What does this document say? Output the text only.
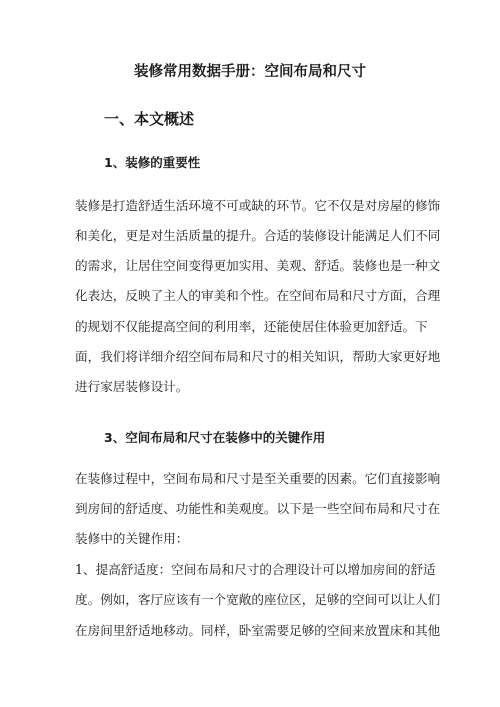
装修常用数据手册：空间布局和尺寸
一、本文概述
1、装修的重要性

装修是打造舒适生活环境不可或缺的环节。它不仅是对房屋的修饰

和美化，更是对生活质量的提升。合适的装修设计能满足人们不同

的需求，让居住空间变得更加实用、美观、舒适。装修也是一种文

化表达，反映了主人的审美和个性。在空间布局和尺寸方面，合理

的规划不仅能提高空间的利用率，还能使居住体验更加舒适。下

面，我们将详细介绍空间布局和尺寸的相关知识，帮助大家更好地

进行家居装修设计。

3、空间布局和尺寸在装修中的关键作用

在装修过程中，空间布局和尺寸是至关重要的因素。它们直接影响

到房间的舒适度、功能性和美观度。以下是一些空间布局和尺寸在

装修中的关键作用：

1、提高舒适度：空间布局和尺寸的合理设计可以增加房间的舒适

度。例如，客厅应该有一个宽敞的座位区，足够的空间可以让人们

在房间里舒适地移动。同样，卧室需要足够的空间来放置床和其他
